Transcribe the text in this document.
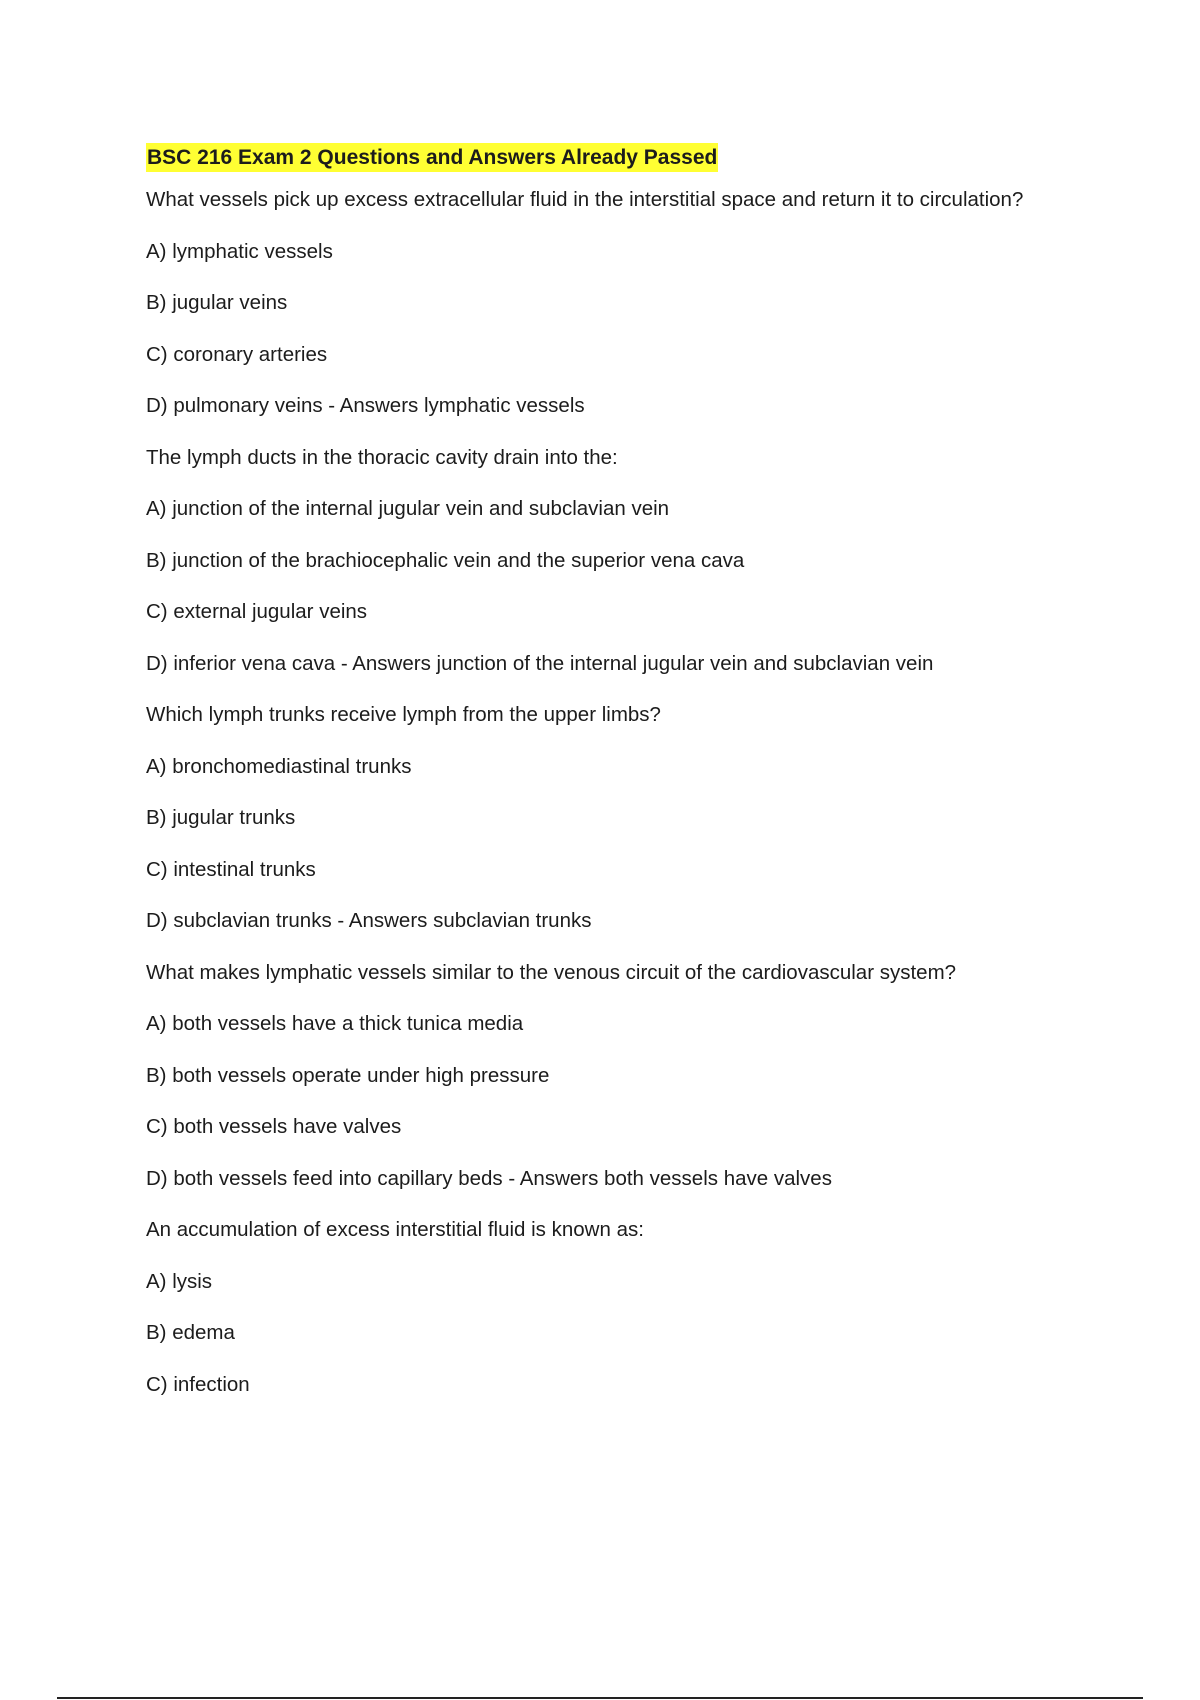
BSC 216 Exam 2 Questions and Answers Already Passed
What vessels pick up excess extracellular fluid in the interstitial space and return it to circulation?
A) lymphatic vessels
B) jugular veins
C) coronary arteries
D) pulmonary veins - Answers lymphatic vessels
The lymph ducts in the thoracic cavity drain into the:
A) junction of the internal jugular vein and subclavian vein
B) junction of the brachiocephalic vein and the superior vena cava
C) external jugular veins
D) inferior vena cava - Answers junction of the internal jugular vein and subclavian vein
Which lymph trunks receive lymph from the upper limbs?
A) bronchomediastinal trunks
B) jugular trunks
C) intestinal trunks
D) subclavian trunks - Answers subclavian trunks
What makes lymphatic vessels similar to the venous circuit of the cardiovascular system?
A) both vessels have a thick tunica media
B) both vessels operate under high pressure
C) both vessels have valves
D) both vessels feed into capillary beds - Answers both vessels have valves
An accumulation of excess interstitial fluid is known as:
A) lysis
B) edema
C) infection
